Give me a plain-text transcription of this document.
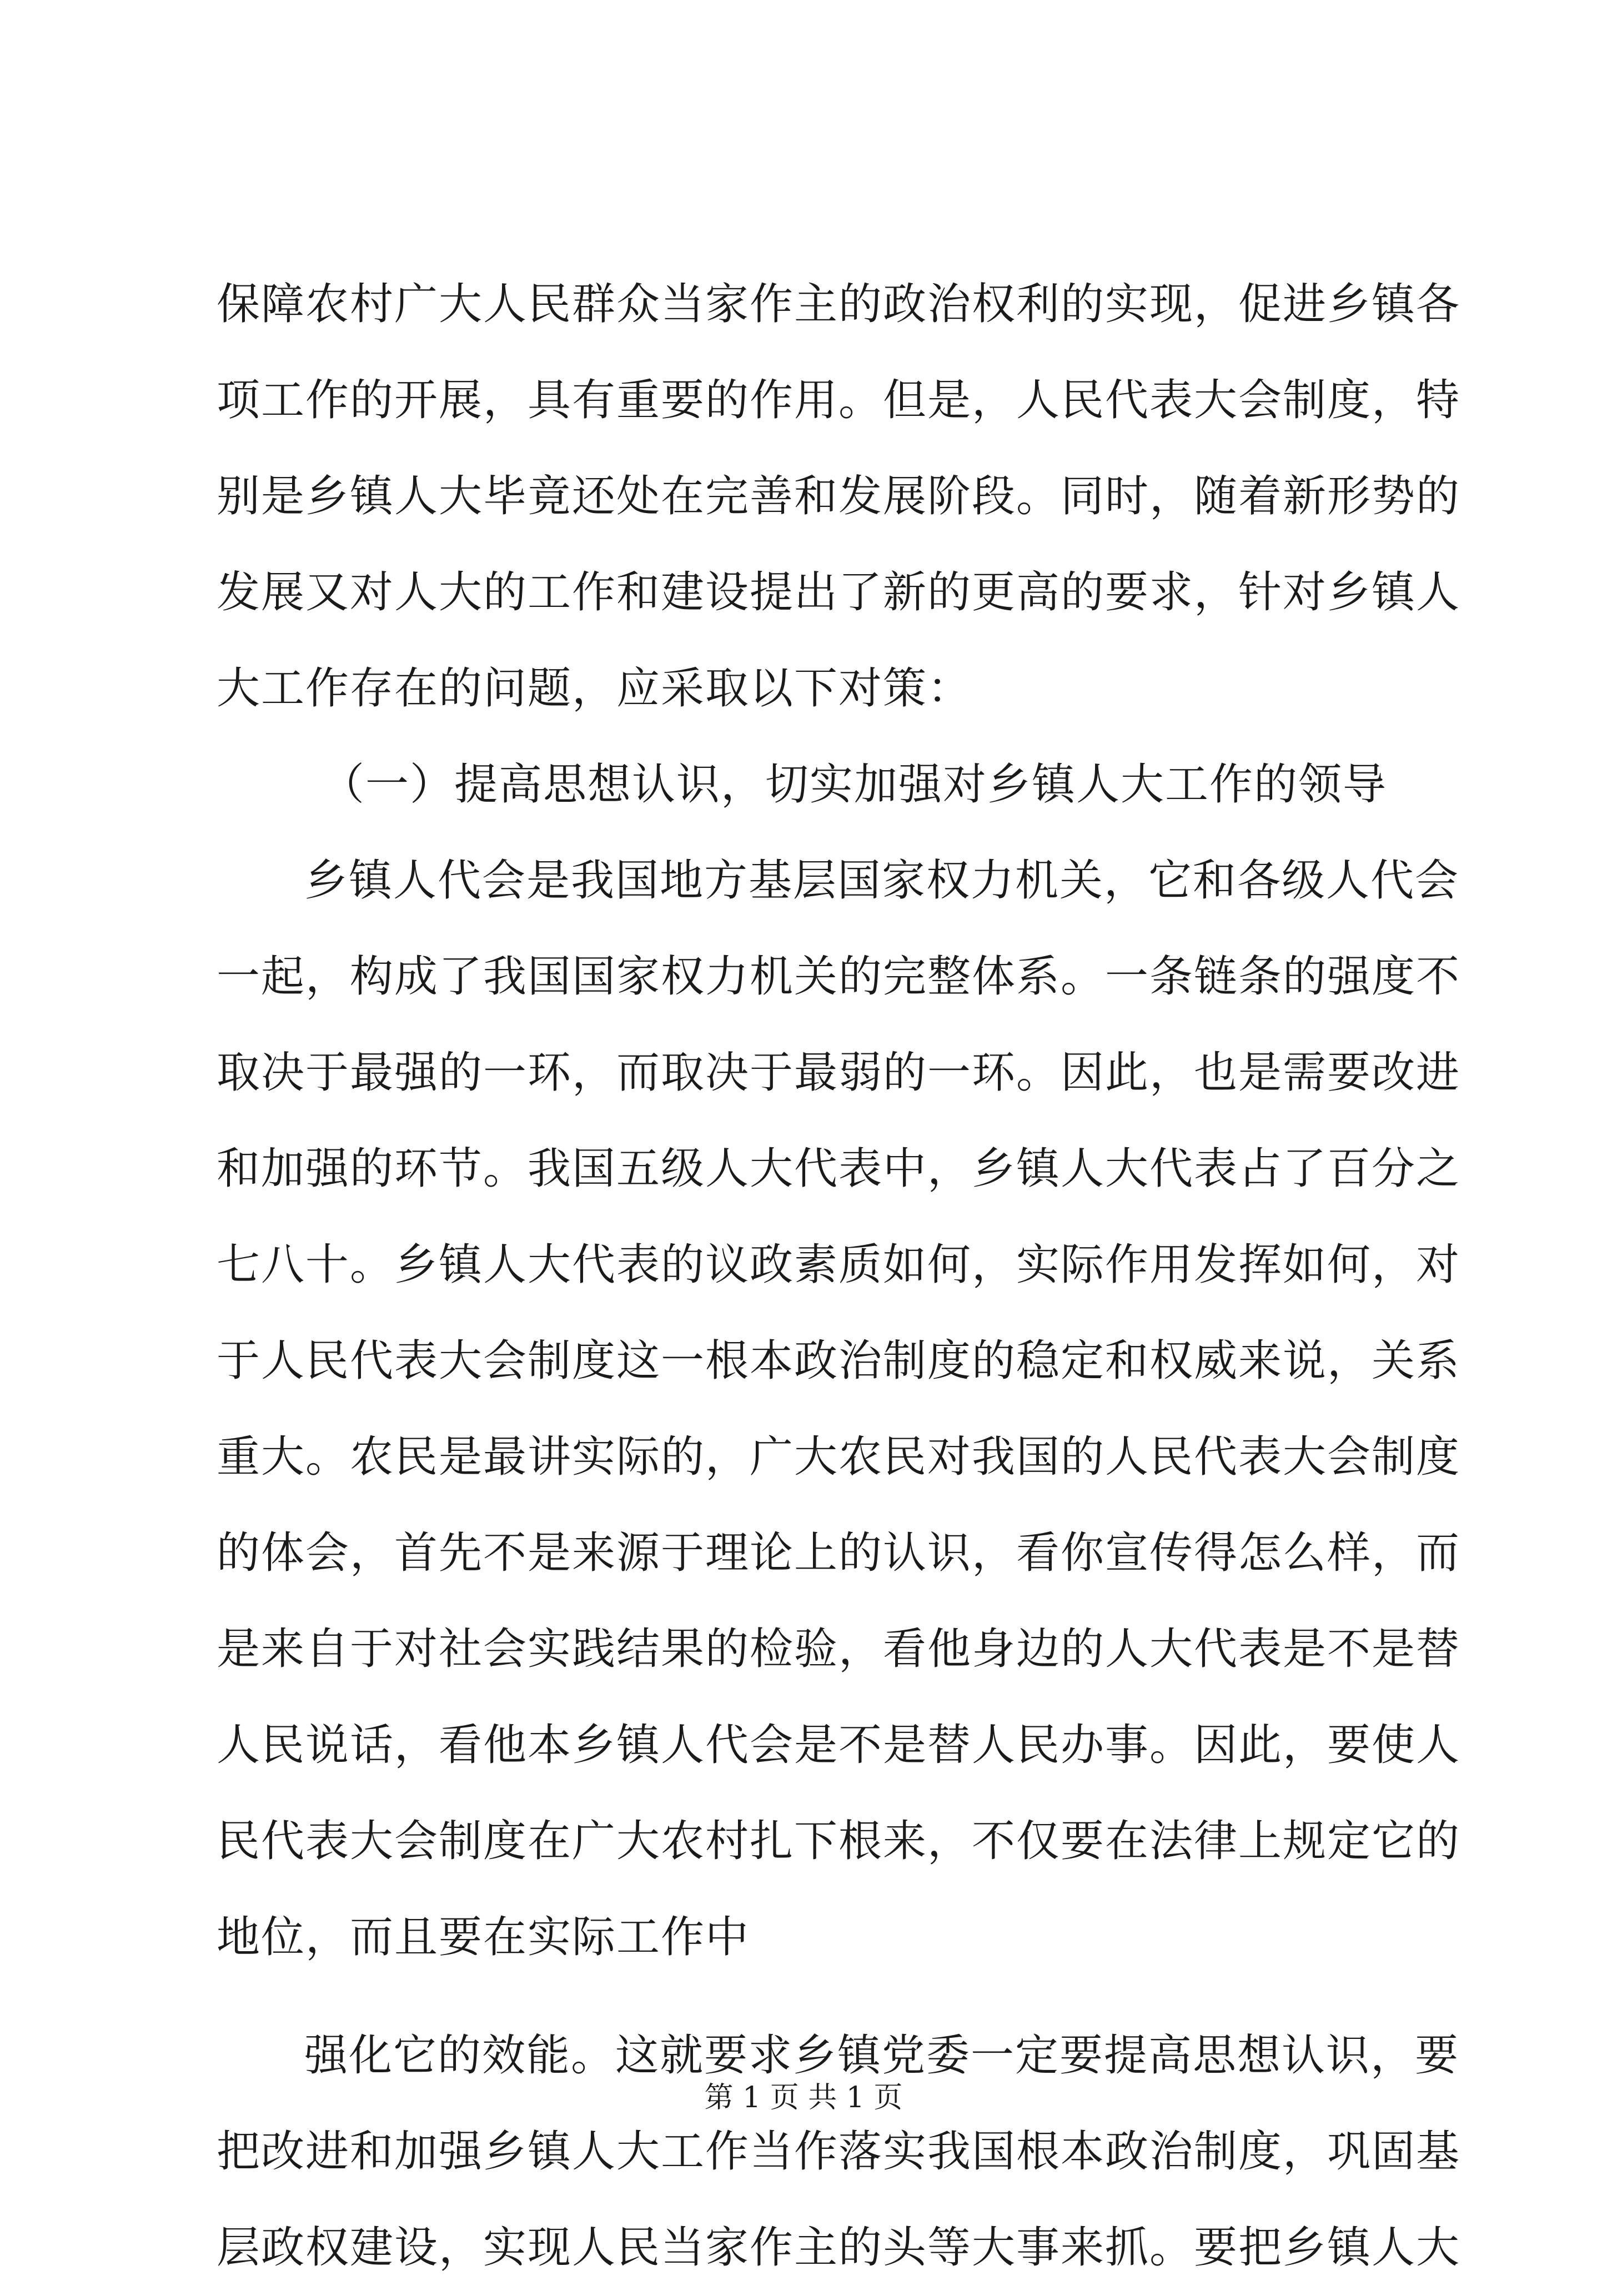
保障农村广大人民群众当家作主的政治权利的实现，促进乡镇各
项工作的开展，具有重要的作用。但是，人民代表大会制度，特
别是乡镇人大毕竟还处在完善和发展阶段。同时，随着新形势的
发展又对人大的工作和建设提出了新的更高的要求，针对乡镇人
大工作存在的问题，应采取以下对策：
（一）提高思想认识，切实加强对乡镇人大工作的领导
乡镇人代会是我国地方基层国家权力机关，它和各级人代会
一起，构成了我国国家权力机关的完整体系。一条链条的强度不
取决于最强的一环，而取决于最弱的一环。因此，也是需要改进
和加强的环节。我国五级人大代表中，乡镇人大代表占了百分之
七八十。乡镇人大代表的议政素质如何，实际作用发挥如何，对
于人民代表大会制度这一根本政治制度的稳定和权威来说，关系
重大。农民是最讲实际的，广大农民对我国的人民代表大会制度
的体会，首先不是来源于理论上的认识，看你宣传得怎么样，而
是来自于对社会实践结果的检验，看他身边的人大代表是不是替
人民说话，看他本乡镇人代会是不是替人民办事。因此，要使人
民代表大会制度在广大农村扎下根来，不仅要在法律上规定它的
地位，而且要在实际工作中
强化它的效能。这就要求乡镇党委一定要提高思想认识，要
把改进和加强乡镇人大工作当作落实我国根本政治制度，巩固基
层政权建设，实现人民当家作主的头等大事来抓。要把乡镇人大
第 1 页 共 1 页
